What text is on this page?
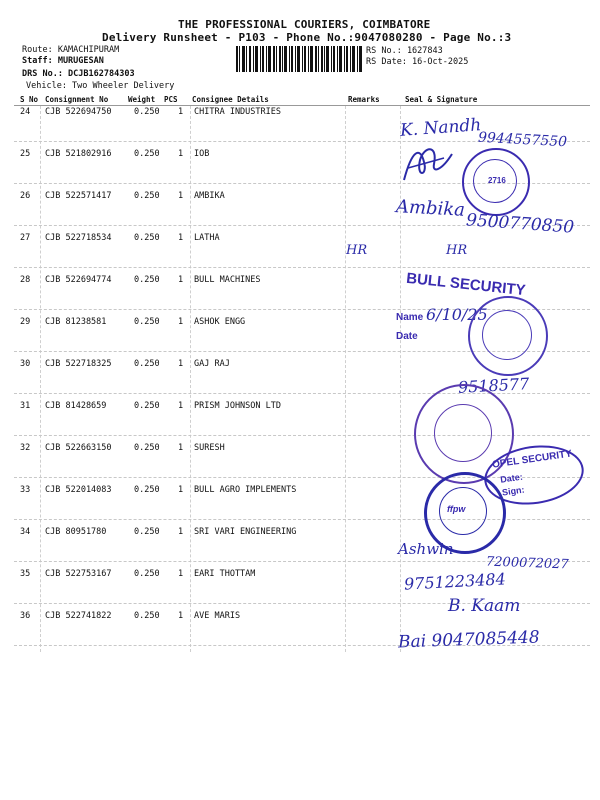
THE PROFESSIONAL COURIERS, COIMBATORE
Delivery Runsheet - P103 - Phone No.:9047080280 - Page No.:3
Route: KAMACHIPURAM
Staff: MURUGESAN
DRS No.: DCJB162784303
Vehicle: Two Wheeler Delivery
RS No.: 1627843
RS Date: 16-Oct-2025
S No Consignment No	Weight PCS Consignee Details	Remarks	Seal & Signature
24 CJB 522694750	0.250 1 CHITRA INDUSTRIES
25 CJB 521802916	0.250 1 IOB
26 CJB 522571417	0.250 1 AMBIKA
27 CJB 522718534	0.250 1 LATHA
28 CJB 522694774	0.250 1 BULL MACHINES
29 CJB 81238581	0.250 1 ASHOK ENGG
30 CJB 522718325	0.250 1 GAJ RAJ
31 CJB 81428659	0.250 1 PRISM JOHNSON LTD
32 CJB 522663150	0.250 1 SURESH
33 CJB 522014083	0.250 1 BULL AGRO IMPLEMENTS
34 CJB 80951780	0.250 1 SRI VARI ENGINEERING
35 CJB 522753167	0.250 1 EARI THOTTAM
36 CJB 522741822	0.250 1 AVE MARIS
K. Nandh
9944557550
2716
Ambika
9500770850
HR	HR
BULL SECURITY
Name
Date
6/10/25
9518577
OPEL SECURITY
Date:
Sign:
ffpw
Ashwin
7200072027
9751223484
B. Kaam
Bai 9047085448
